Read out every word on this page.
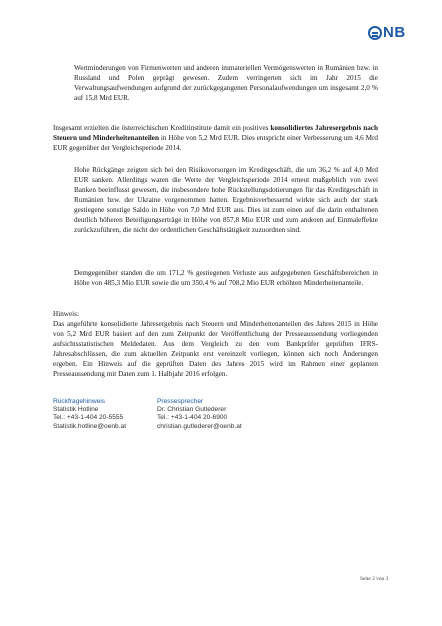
NB

Wertminderungen von Firmenwerten und anderen immateriellen Vermögenswerten in Rumänien bzw. in Russland und Polen geprägt gewesen. Zudem verringerten sich im Jahr 2015 die Verwaltungsaufwendungen aufgrund der zurückgegangenen Personalaufwendungen um insgesamt 2,0 % auf 15,8 Mrd EUR.

Insgesamt erzielten die österreichischen Kreditinstitute damit ein positives konsolidiertes Jahresergebnis nach Steuern und Minderheitenanteilen in Höhe von 5,2 Mrd EUR. Dies entspricht einer Verbesserung um 4,6 Mrd EUR gegenüber der Vergleichsperiode 2014.

Hohe Rückgänge zeigten sich bei den Risikovorsorgen im Kreditgeschäft, die um 36,2 % auf 4,0 Mrd EUR sanken. Allerdings waren die Werte der Vergleichsperiode 2014 erneut maßgeblich von zwei Banken beeinflusst gewesen, die insbesondere hohe Rückstellungsdotierungen für das Kreditgeschäft in Rumänien bzw. der Ukraine vorgenommen hatten. Ergebnisverbessernd wirkte sich auch der stark gestiegene sonstige Saldo in Höhe von 7,0 Mrd EUR aus. Dies ist zum einen auf die darin enthaltenen deutlich höheren Beteiligungserträge in Höhe von 857,8 Mio EUR und zum anderen auf Einmaleffekte zurückzuführen, die nicht der ordentlichen Geschäftstätigkeit zuzuordnen sind.

Demgegenüber standen die um 171,2 % gestiegenen Verluste aus aufgegebenen Geschäftsbereichen in Höhe von 485,3 Mio EUR sowie die um 350,4 % auf 708,2 Mio EUR erhöhten Minderheitenanteile.

Hinweis:

Das angeführte konsolidierte Jahresergebnis nach Steuern und Minderheitenanteilen des Jahres 2015 in Höhe von 5,2 Mrd EUR basiert auf den zum Zeitpunkt der Veröffentlichung der Presseaussendung vorliegenden aufsichtsstatistischen Meldedaten. Aus dem Vergleich zu den vom Bankprüfer geprüften IFRS-Jahresabschlüssen, die zum aktuellen Zeitpunkt erst vereinzelt vorliegen, können sich noch Änderungen ergeben. Ein Hinweis auf die geprüften Daten des Jahres 2015 wird im Rahmen einer geplanten Presseaussendung mit Daten zum 1. Halbjahr 2016 erfolgen.

Rückfragehinweis
Statistik Hotline
Tel.: +43-1-404 20-5555
Statistik.hotline@oenb.at
Pressesprecher
Dr. Christian Gutlederer
Tel.: +43-1-404 20-6900
christian.gutlederer@oenb.at
Seite 2 von 3
